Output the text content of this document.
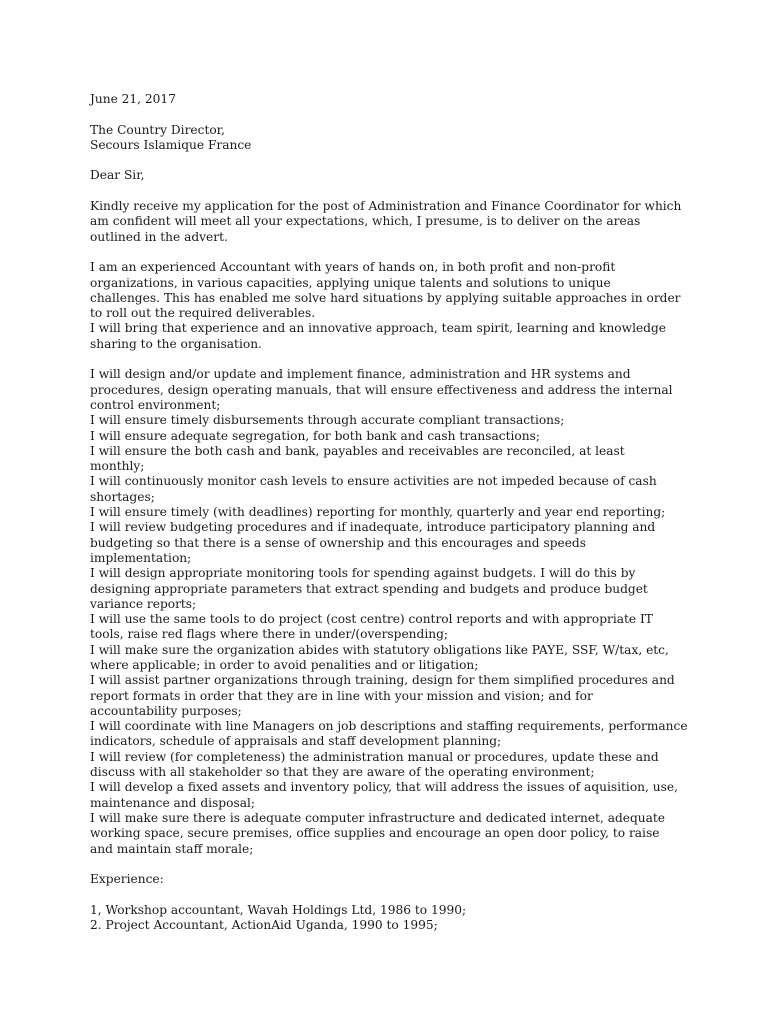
June 21, 2017
The Country Director,
Secours Islamique France
Dear Sir,
Kindly receive my application for the post of Administration and Finance Coordinator for which
am confident will meet all your expectations, which, I presume, is to deliver on the areas
outlined in the advert.
I am an experienced Accountant with years of hands on, in both profit and non-profit
organizations, in various capacities, applying unique talents and solutions to unique
challenges. This has enabled me solve hard situations by applying suitable approaches in order
to roll out the required deliverables.
I will bring that experience and an innovative approach, team spirit, learning and knowledge
sharing to the organisation.
I will design and/or update and implement finance, administration and HR systems and
procedures, design operating manuals, that will ensure effectiveness and address the internal
control environment;
I will ensure timely disbursements through accurate compliant transactions;
I will ensure adequate segregation, for both bank and cash transactions;
I will ensure the both cash and bank, payables and receivables are reconciled, at least
monthly;
I will continuously monitor cash levels to ensure activities are not impeded because of cash
shortages;
I will ensure timely (with deadlines) reporting for monthly, quarterly and year end reporting;
I will review budgeting procedures and if inadequate, introduce participatory planning and
budgeting so that there is a sense of ownership and this encourages and speeds
implementation;
I will design appropriate monitoring tools for spending against budgets. I will do this by
designing appropriate parameters that extract spending and budgets and produce budget
variance reports;
I will use the same tools to do project (cost centre) control reports and with appropriate IT
tools, raise red flags where there in under/(overspending;
I will make sure the organization abides with statutory obligations like PAYE, SSF, W/tax, etc,
where applicable; in order to avoid penalities and or litigation;
I will assist partner organizations through training, design for them simplified procedures and
report formats in order that they are in line with your mission and vision; and for
accountability purposes;
I will coordinate with line Managers on job descriptions and staffing requirements, performance
indicators, schedule of appraisals and staff development planning;
I will review (for completeness) the administration manual or procedures, update these and
discuss with all stakeholder so that they are aware of the operating environment;
I will develop a fixed assets and inventory policy, that will address the issues of aquisition, use,
maintenance and disposal;
I will make sure there is adequate computer infrastructure and dedicated internet, adequate
working space, secure premises, office supplies and encourage an open door policy, to raise
and maintain staff morale;
Experience:
1, Workshop accountant, Wavah Holdings Ltd, 1986 to 1990;
2. Project Accountant, ActionAid Uganda, 1990 to 1995;
